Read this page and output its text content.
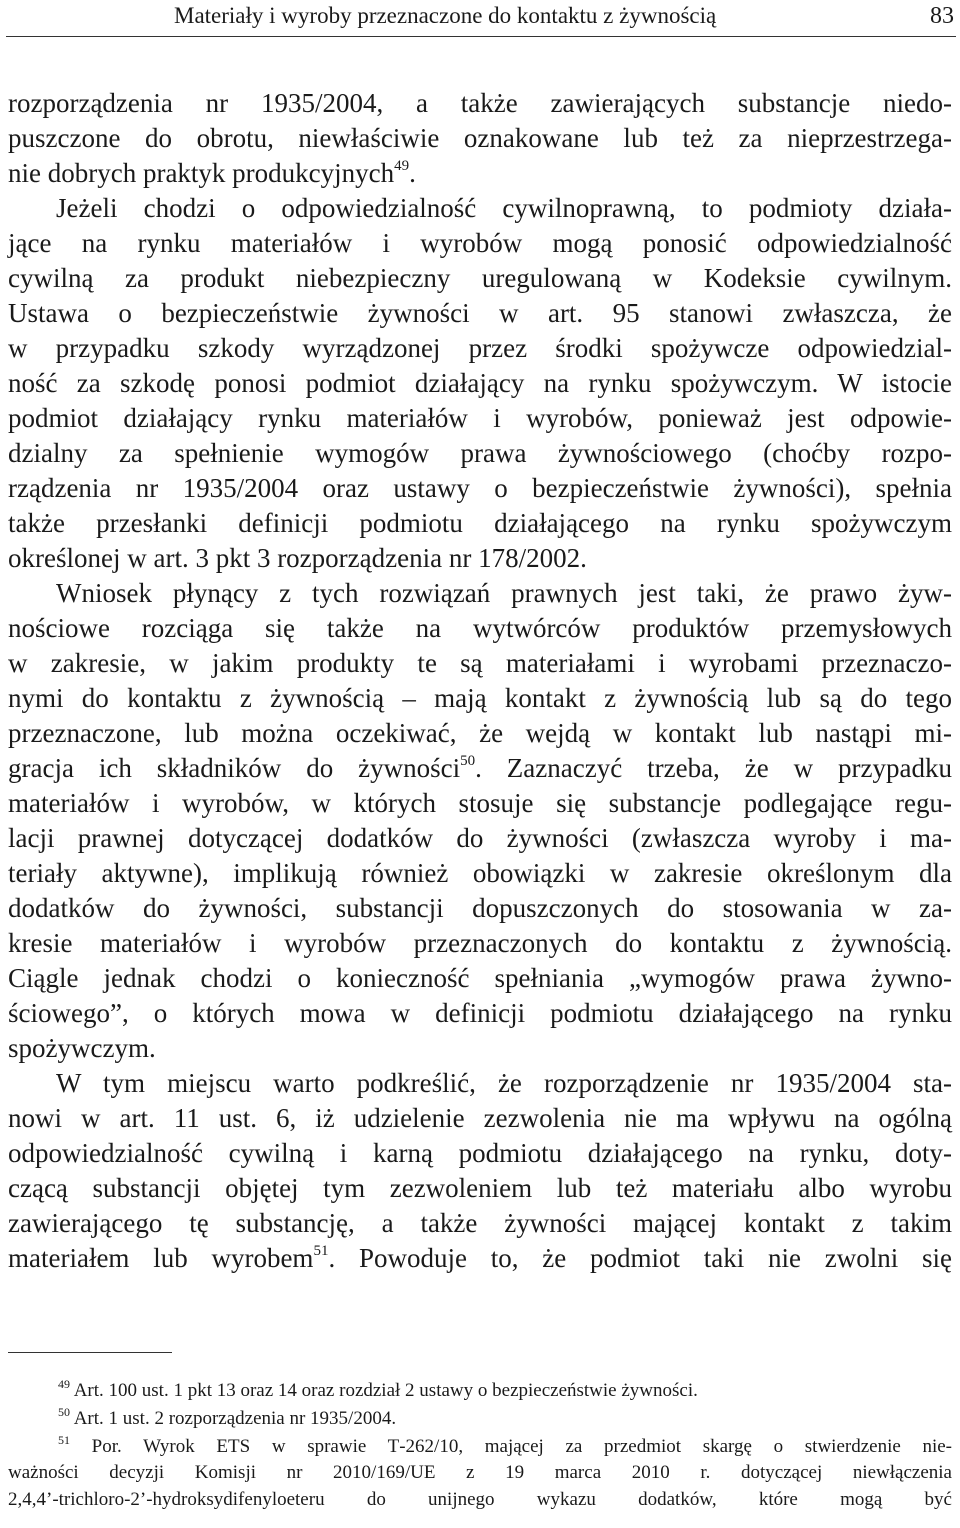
Materiały i wyroby przeznaczone do kontaktu z żywnością	83
rozporządzenia nr 1935/2004, a także zawierających substancje niedo-
puszczone do obrotu, niewłaściwie oznakowane lub też za nieprzestrzega-
nie dobrych praktyk produkcyjnych$^{49}$.
Jeżeli chodzi o odpowiedzialność cywilnoprawną, to podmioty działa-
jące na rynku materiałów i wyrobów mogą ponosić odpowiedzialność
cywilną za produkt niebezpieczny uregulowaną w Kodeksie cywilnym.
Ustawa o bezpieczeństwie żywności w art. 95 stanowi zwłaszcza, że
w przypadku szkody wyrządzonej przez środki spożywcze odpowiedzial-
ność za szkodę ponosi podmiot działający na rynku spożywczym. W istocie
podmiot działający rynku materiałów i wyrobów, ponieważ jest odpowie-
dzialny za spełnienie wymogów prawa żywnościowego (choćby rozpo-
rządzenia nr 1935/2004 oraz ustawy o bezpieczeństwie żywności), spełnia
także przesłanki definicji podmiotu działającego na rynku spożywczym
określonej w art. 3 pkt 3 rozporządzenia nr 178/2002.
Wniosek płynący z tych rozwiązań prawnych jest taki, że prawo żyw-
nościowe rozciąga się także na wytwórców produktów przemysłowych
w zakresie, w jakim produkty te są materiałami i wyrobami przeznaczo-
nymi do kontaktu z żywnością – mają kontakt z żywnością lub są do tego
przeznaczone, lub można oczekiwać, że wejdą w kontakt lub nastąpi mi-
gracja ich składników do żywności$^{50}$. Zaznaczyć trzeba, że w przypadku
materiałów i wyrobów, w których stosuje się substancje podlegające regu-
lacji prawnej dotyczącej dodatków do żywności (zwłaszcza wyroby i ma-
teriały aktywne), implikują również obowiązki w zakresie określonym dla
dodatków do żywności, substancji dopuszczonych do stosowania w za-
kresie materiałów i wyrobów przeznaczonych do kontaktu z żywnością.
Ciągle jednak chodzi o konieczność spełniania „wymogów prawa żywno-
ściowego”, o których mowa w definicji podmiotu działającego na rynku
spożywczym.
W tym miejscu warto podkreślić, że rozporządzenie nr 1935/2004 sta-
nowi w art. 11 ust. 6, iż udzielenie zezwolenia nie ma wpływu na ogólną
odpowiedzialność cywilną i karną podmiotu działającego na rynku, doty-
czącą substancji objętej tym zezwoleniem lub też materiału albo wyrobu
zawierającego tę substancję, a także żywności mającej kontakt z takim
materiałem lub wyrobem$^{51}$. Powoduje to, że podmiot taki nie zwolni się
$^{49}$ Art. 100 ust. 1 pkt 13 oraz 14 oraz rozdział 2 ustawy o bezpieczeństwie żywności.
$^{50}$ Art. 1 ust. 2 rozporządzenia nr 1935/2004.
$^{51}$ Por. Wyrok ETS w sprawie T‑262/10, mającej za przedmiot skargę o stwierdzenie nie-
ważności decyzji Komisji nr 2010/169/UE z 19 marca 2010 r. dotyczącej niewłączenia
2,4,4’‑trichloro‑2’‑hydroksydifenyloeteru do unijnego wykazu dodatków, które mogą być
